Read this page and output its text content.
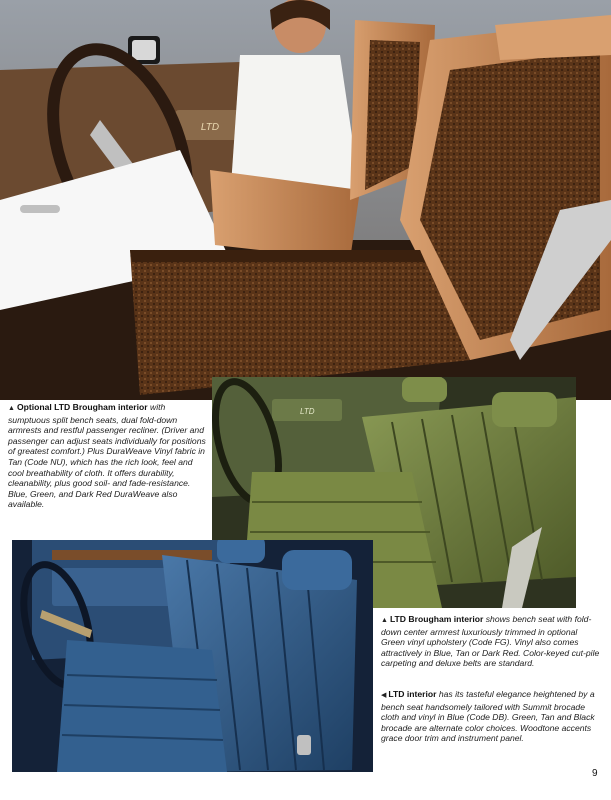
LTD
LTD
▲ Optional LTD Brougham interior with sumptuous split bench seats, dual fold-down armrests and restful passenger recliner. (Driver and passenger can adjust seats individually for positions of greatest comfort.) Plus DuraWeave Vinyl fabric in Tan (Code NU), which has the rich look, feel and cool breathability of cloth. It offers durability, cleanability, plus good soil- and fade-resistance. Blue, Green, and Dark Red DuraWeave also available.
▲ LTD Brougham interior shows bench seat with fold-down center armrest luxuriously trimmed in optional Green vinyl upholstery (Code FG). Vinyl also comes attractively in Blue, Tan or Dark Red. Color-keyed cut-pile carpeting and deluxe belts are standard.
◀ LTD interior has its tasteful elegance heightened by a bench seat handsomely tailored with Summit brocade cloth and vinyl in Blue (Code DB). Green, Tan and Black brocade are alternate color choices. Woodtone accents grace door trim and instrument panel.
9
